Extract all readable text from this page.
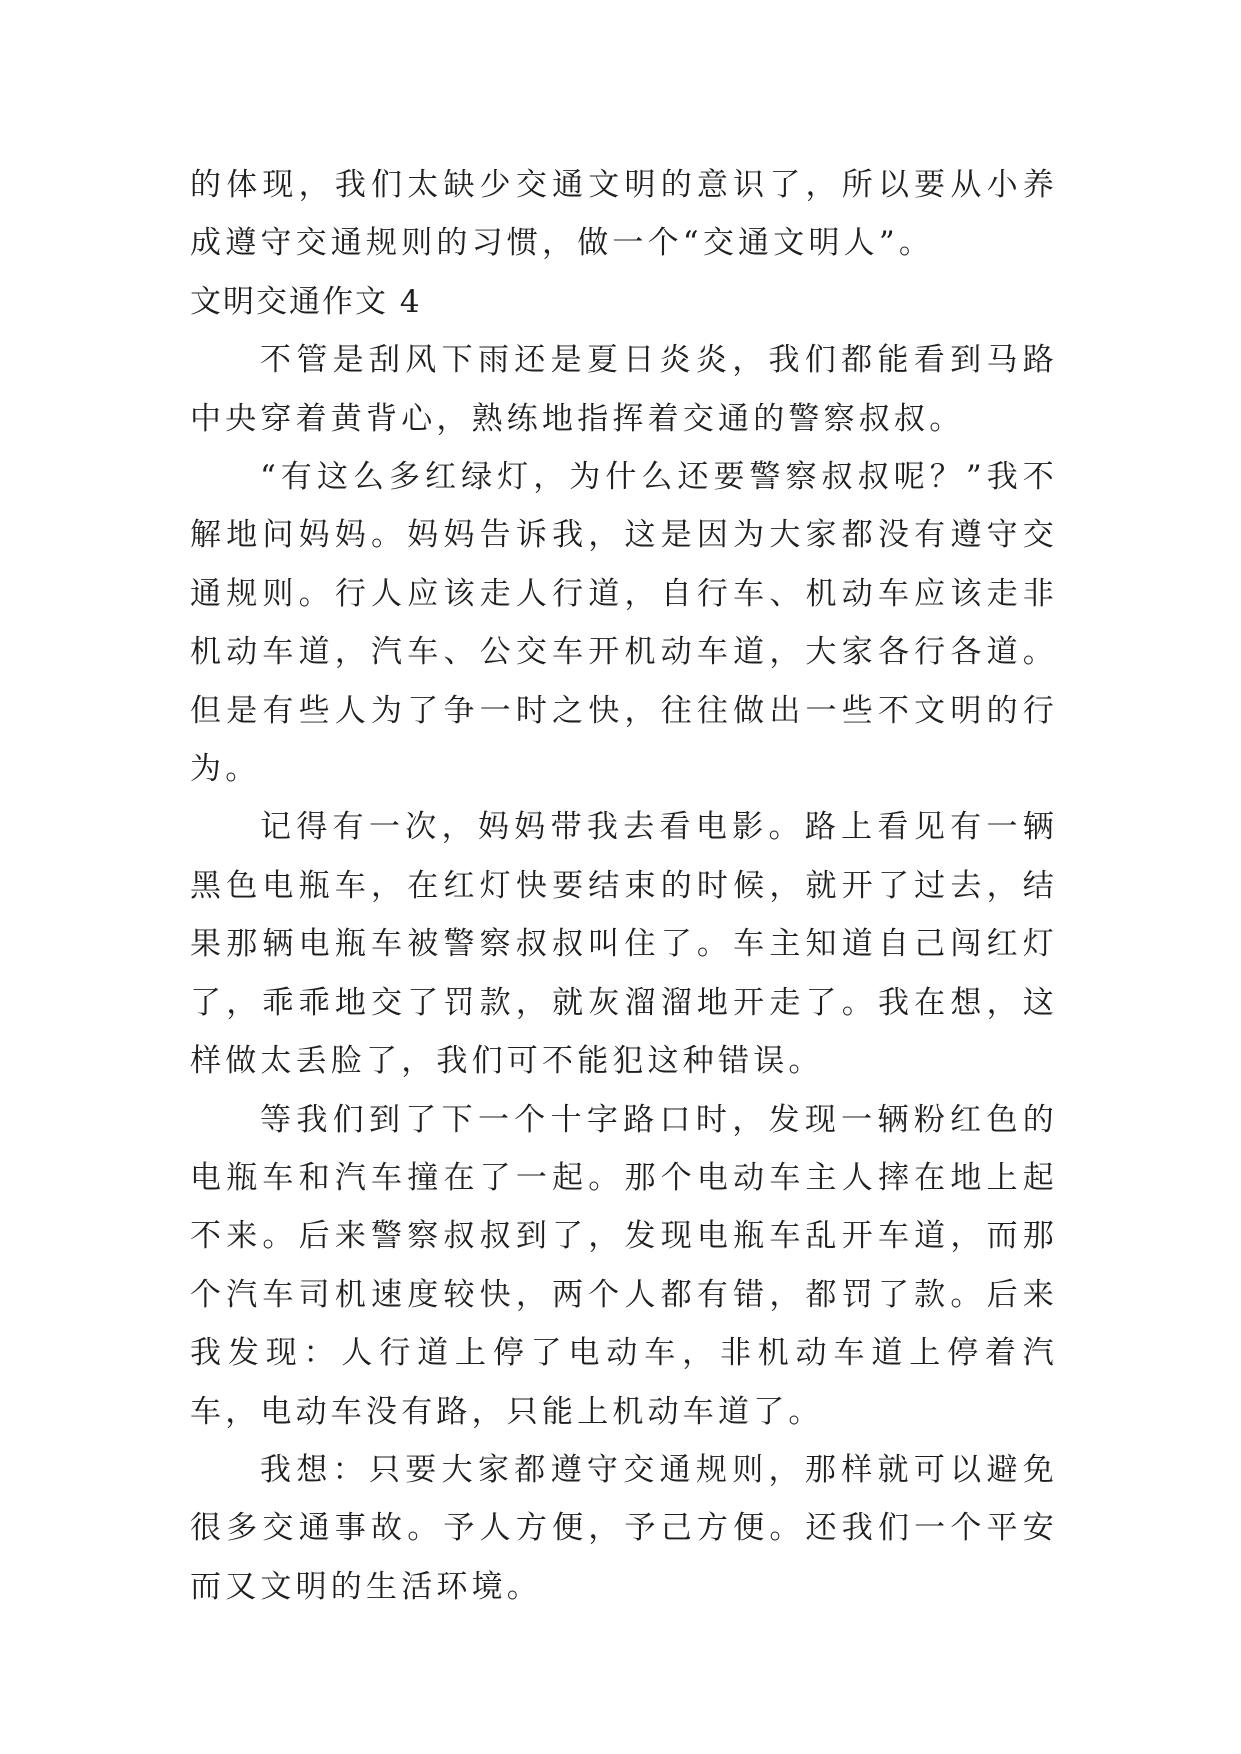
的体现，我们太缺少交通文明的意识了，所以要从小养成遵守交通规则的习惯，做一个“交通文明人”。

文明交通作文 4

不管是刮风下雨还是夏日炎炎，我们都能看到马路中央穿着黄背心，熟练地指挥着交通的警察叔叔。

“有这么多红绿灯，为什么还要警察叔叔呢？”我不解地问妈妈。妈妈告诉我，这是因为大家都没有遵守交通规则。行人应该走人行道，自行车、机动车应该走非机动车道，汽车、公交车开机动车道，大家各行各道。但是有些人为了争一时之快，往往做出一些不文明的行为。

记得有一次，妈妈带我去看电影。路上看见有一辆黑色电瓶车，在红灯快要结束的时候，就开了过去，结果那辆电瓶车被警察叔叔叫住了。车主知道自己闯红灯了，乖乖地交了罚款，就灰溜溜地开走了。我在想，这样做太丢脸了，我们可不能犯这种错误。

等我们到了下一个十字路口时，发现一辆粉红色的电瓶车和汽车撞在了一起。那个电动车主人摔在地上起不来。后来警察叔叔到了，发现电瓶车乱开车道，而那个汽车司机速度较快，两个人都有错，都罚了款。后来我发现：人行道上停了电动车，非机动车道上停着汽车，电动车没有路，只能上机动车道了。

我想：只要大家都遵守交通规则，那样就可以避免很多交通事故。予人方便，予己方便。还我们一个平安而又文明的生活环境。
